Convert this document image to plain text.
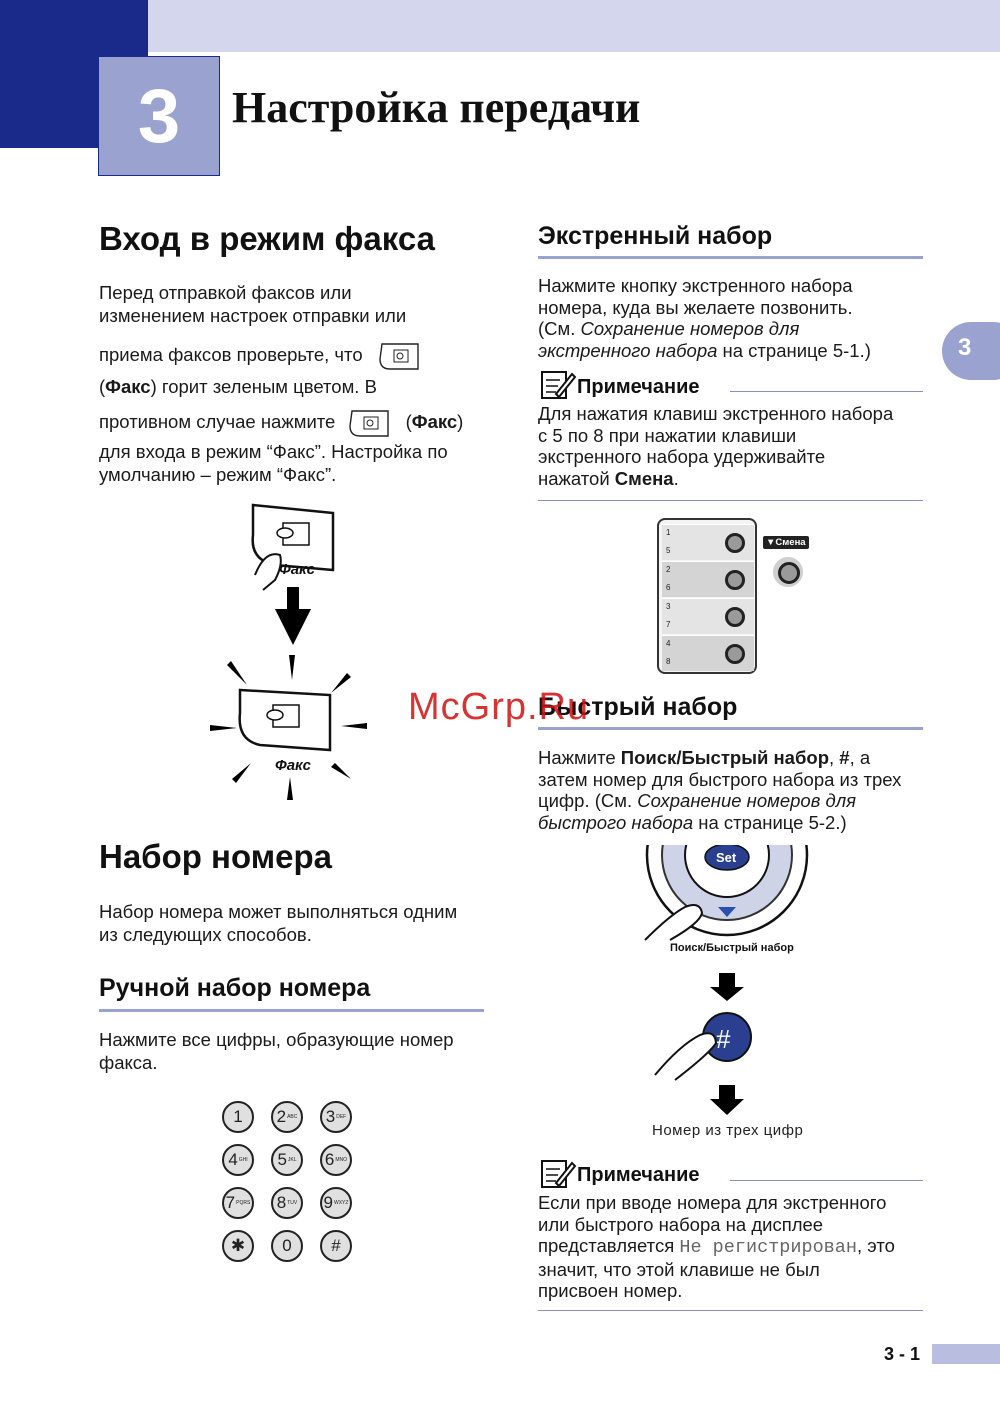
3	Настройка передачи
3
Вход в режим факса
Перед отправкой факсов или
изменением настроек отправки или
приема факсов проверьте, что
(Факс) горит зеленым цветом. В
противном случае нажмите	(Факс)
для входа в режим “Факс”. Настройка по
умолчанию – режим “Факс”.
Факс
Факс
Набор номера
Набор номера может выполняться одним
из следующих способов.
Ручной набор номера
Нажмите все цифры, образующие номер
факса.
1 2 ABC 3 DEF
4 GHI 5 JKL 6 MNO
7 PQRS 8 TUV 9 WXYZ
✱ 0 #
Экстренный набор
Нажмите кнопку экстренного набора
номера, куда вы желаете позвонить.
(См. Сохранение номеров для
экстренного набора на странице 5-1.)
Примечание
Для нажатия клавиш экстренного набора
с 5 по 8 при нажатии клавиши
экстренного набора удерживайте
нажатой Смена.
1
5
2
6
3
7
4
8
▼Смена
Быстрый набор
Нажмите Поиск/Быстрый набор, #, а
затем номер для быстрого набора из трех
цифр. (См. Сохранение номеров для
быстрого набора на странице 5-2.)
Set
Поиск/Быстрый набор
#
Номер из трех цифр
Примечание
Если при вводе номера для экстренного
или быстрого набора на дисплее
представляется Не регистрирован, это
значит, что этой клавише не был
присвоен номер.
McGrp.Ru
3 - 1
